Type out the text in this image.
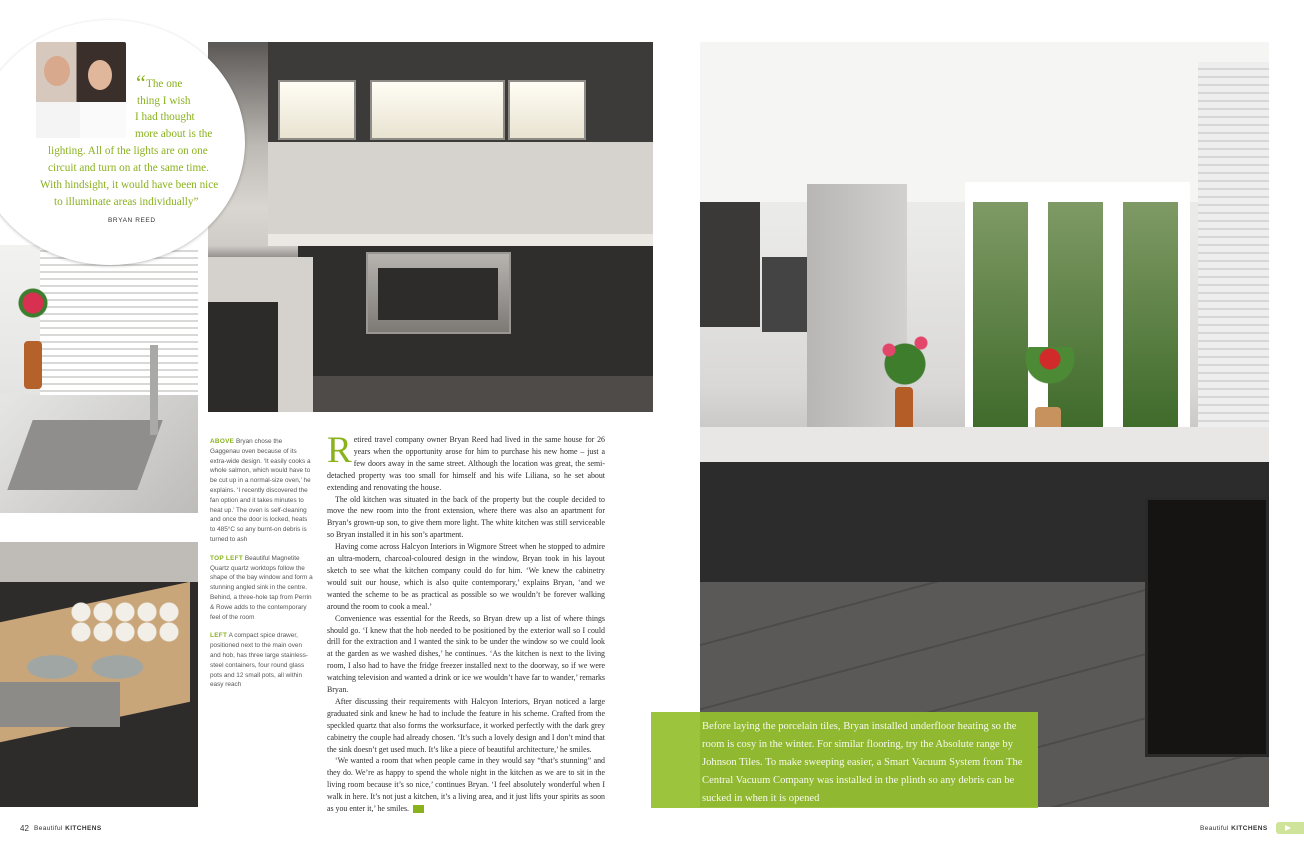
“ The one
thing I wish
I had thought
more about is the
lighting. All of the lights are on one
circuit and turn on at the same time.
With hindsight, it would have been nice
to illuminate areas individually”
BRYAN REED

ABOVE Bryan chose the Gaggenau oven because of its extra-wide design. ‘It easily cooks a whole salmon, which would have to be cut up in a normal-size oven,’ he explains. ‘I recently discovered the fan option and it takes minutes to heat up.’ The oven is self-cleaning and once the door is locked, heats to 485°C so any burnt-on debris is turned to ash

TOP LEFT Beautiful Magnetite Quartz quartz worktops follow the shape of the bay window and form a stunning angled sink in the centre. Behind, a three-hole tap from Perrin & Rowe adds to the contemporary feel of the room

LEFT A compact spice drawer, positioned next to the main oven and hob, has three large stainless-steel containers, four round glass pots and 12 small pots, all within easy reach

Retired travel company owner Bryan Reed had lived in the same house for 26 years when the opportunity arose for him to purchase his new home – just a few doors away in the same street. Although the location was great, the semi-detached property was too small for himself and his wife Liliana, so he set about extending and renovating the house.

The old kitchen was situated in the back of the property but the couple decided to move the new room into the front extension, where there was also an apartment for Bryan’s grown-up son, to give them more light. The white kitchen was still serviceable so Bryan installed it in his son’s apartment.

Having come across Halcyon Interiors in Wigmore Street when he stopped to admire an ultra-modern, charcoal-coloured design in the window, Bryan took in his layout sketch to see what the kitchen company could do for him. ‘We knew the cabinetry would suit our house, which is also quite contemporary,’ explains Bryan, ‘and we wanted the scheme to be as practical as possible so we wouldn’t be forever walking around the room to cook a meal.’

Convenience was essential for the Reeds, so Bryan drew up a list of where things should go. ‘I knew that the hob needed to be positioned by the exterior wall so I could drill for the extraction and I wanted the sink to be under the window so we could look at the garden as we washed dishes,’ he continues. ‘As the kitchen is next to the living room, I also had to have the fridge freezer installed next to the doorway, so if we were watching television and wanted a drink or ice we wouldn’t have far to wander,’ remarks Bryan.

After discussing their requirements with Halcyon Interiors, Bryan noticed a large graduated sink and knew he had to include the feature in his scheme. Crafted from the speckled quartz that also forms the worksurface, it worked perfectly with the dark grey cabinetry the couple had already chosen. ‘It’s such a lovely design and I don’t mind that the sink doesn’t get used much. It’s like a piece of beautiful architecture,’ he smiles.

‘We wanted a room that when people came in they would say “that’s stunning” and they do. We’re as happy to spend the whole night in the kitchen as we are to sit in the living room because it’s so nice,’ continues Bryan. ‘I feel absolutely wonderful when I walk in here. It’s not just a kitchen, it’s a living area, and it just lifts your spirits as soon as you enter it,’ he smiles.

42 Beautiful KITCHENS
Before laying the porcelain tiles, Bryan installed underfloor heating so the room is cosy in the winter. For similar flooring, try the Absolute range by Johnson Tiles. To make sweeping easier, a Smart Vacuum System from The Central Vacuum Company was installed in the plinth so any debris can be sucked in when it is opened
Beautiful KITCHENS
